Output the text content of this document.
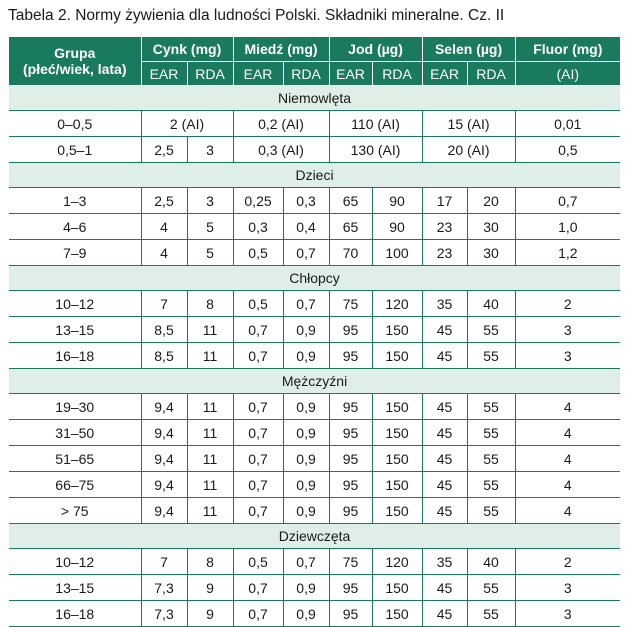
Tabela 2. Normy żywienia dla ludności Polski. Składniki mineralne. Cz. II
Grupa
(płeć/wiek, lata)	Cynk (mg)		Miedź (mg)		Jod (µg)		Selen (µg)		Fluor (mg)
	EAR	RDA	EAR	RDA	EAR	RDA	EAR	RDA	(AI)
Niemowlęta									
0–0,5	2 (AI)		0,2 (AI)		110 (AI)		15 (AI)		0,01
0,5–1	2,5	3	0,3 (AI)		130 (AI)		20 (AI)		0,5
Dzieci									
1–3	2,5	3	0,25	0,3	65	90	17	20	0,7
4–6	4	5	0,3	0,4	65	90	23	30	1,0
7–9	4	5	0,5	0,7	70	100	23	30	1,2
Chłopcy									
10–12	7	8	0,5	0,7	75	120	35	40	2
13–15	8,5	11	0,7	0,9	95	150	45	55	3
16–18	8,5	11	0,7	0,9	95	150	45	55	3
Mężczyźni									
19–30	9,4	11	0,7	0,9	95	150	45	55	4
31–50	9,4	11	0,7	0,9	95	150	45	55	4
51–65	9,4	11	0,7	0,9	95	150	45	55	4
66–75	9,4	11	0,7	0,9	95	150	45	55	4
> 75	9,4	11	0,7	0,9	95	150	45	55	4
Dziewczęta									
10–12	7	8	0,5	0,7	75	120	35	40	2
13–15	7,3	9	0,7	0,9	95	150	45	55	3
16–18	7,3	9	0,7	0,9	95	150	45	55	3
